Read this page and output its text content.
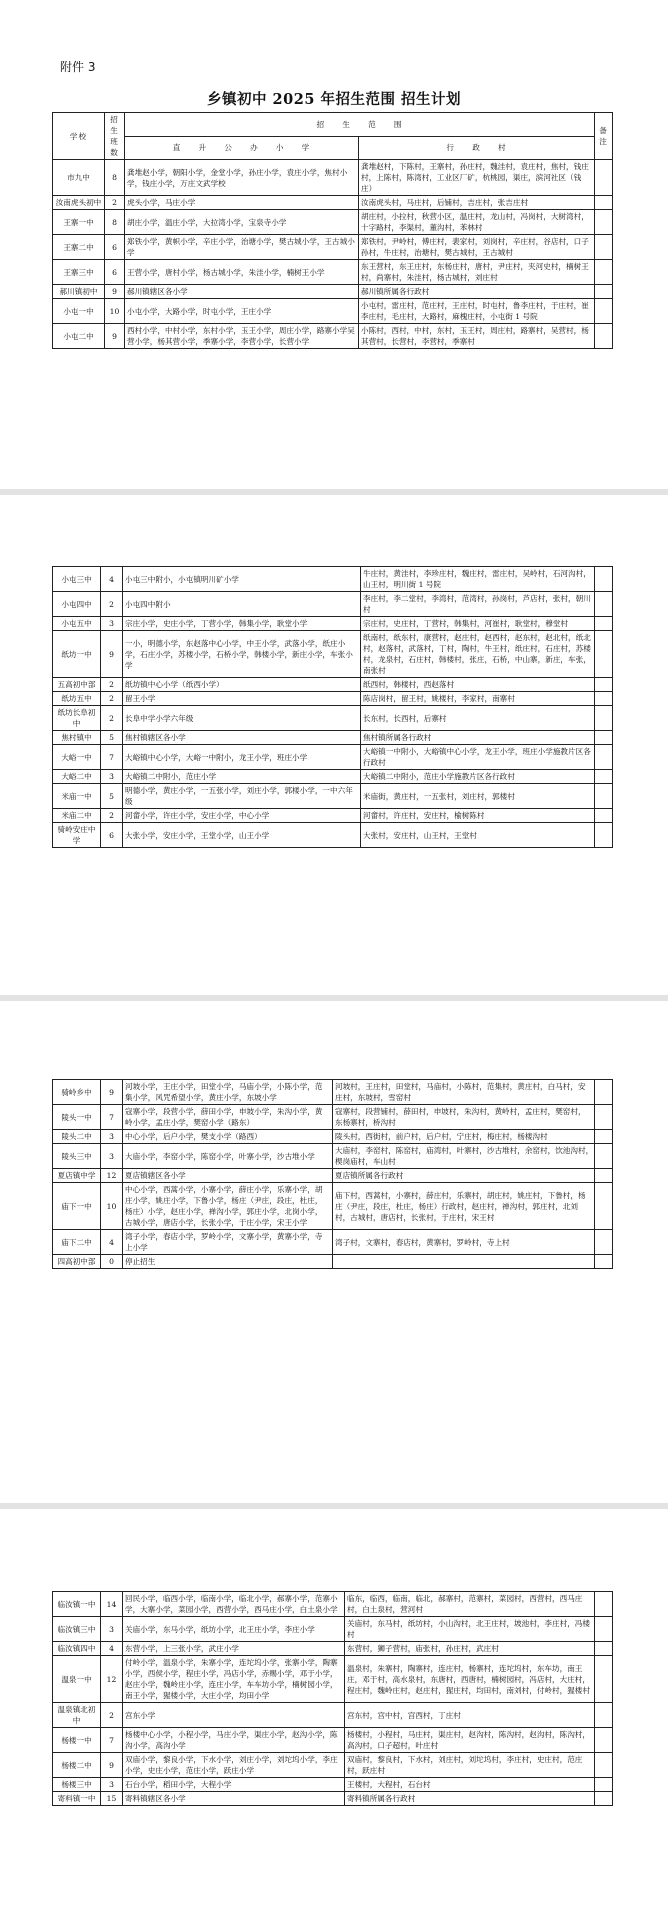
附件 3
乡镇初中 2025 年招生范围 招生计划
学校	招生班数	招　　生　　范　　围		备注
		直　　升　　公　　办　　小　　学	行　　政　　村	
市九中	8	龚堆赵小学，朝阳小学，金堂小学，孙庄小学，袁庄小学，焦村小学，钱庄小学，万庄文武学校	龚堆赵村，下陈村，王寨村，孙庄村，魏洼村，袁庄村，焦村，钱庄村，上陈村，陈湾村，工业区厂矿，杭桃园，渠庄，滨河社区（钱庄）	
汝南虎头初中	2	虎头小学，马庄小学	汝南虎头村，马庄村，后铺村，吉庄村，张吉庄村	
王寨一中	8	胡庄小学，温庄小学，大拉湾小学，宝泉寺小学	胡庄村，小拉村，秋营小区，温庄村，龙山村，冯岗村，大树湾村，十字路村，李渠村，董沟村，苯林村	
王寨二中	6	郑铁小学，黄帜小学，辛庄小学，治塘小学，樊古城小学，王古城小学	郑铁村，尹岭村，傅庄村，裴家村，刘岗村，辛庄村，谷店村，口子孙村，牛庄村，治塘村，樊古城村，王古城村	
王寨三中	6	王营小学，唐村小学，杨古城小学，朱洼小学，楠树王小学	东王营村，东王庄村，东杨庄村，唐村，尹庄村，夹河史村，楠树王村，尚寨村，朱洼村，杨古城村，刘庄村	
郝川镇初中	9	郝川镇辖区各小学	郝川镇所属各行政村	
小屯一中	10	小屯小学，大路小学，时屯小学，王庄小学	小屯村，雷庄村，范庄村，王庄村，时屯村，鲁李庄村，于庄村，崔李庄村，毛庄村，大路村，麻槐庄村，小屯街 1 号院	
小屯二中	9	西村小学，中村小学，东村小学，玉王小学，周庄小学，路寨小学吴营小学，杨其营小学，季寨小学，李营小学，长营小学	小陈村，西村，中村，东村，玉王村，周庄村，路寨村，吴营村，杨其营村，长营村，李营村，季寨村	
小屯三中	4	小屯三中附小，小屯镇明川矿小学	牛庄村，黄洼村，李珍庄村，魏庄村，雷庄村，吴岭村，石河沟村，山王村，明川街 1 号院	
小屯四中	2	小屯四中附小	李庄村，李二堂村，李湾村，范湾村，孙岗村，芦店村，张村，朝川村	
小屯五中	3	宗庄小学，史庄小学，丁营小学，韩集小学，耿堂小学	宗庄村，史庄村，丁营村，韩集村，河崔村，耿堂村，穆堂村	
纸坊一中	9	一小，明德小学，东赵落中心小学，中王小学，武落小学，纸庄小学，石庄小学，苏楼小学，石桥小学，韩楼小学，新庄小学，车张小学	纸南村，纸东村，康营村，赵庄村，赵西村，赵东村，赵北村，纸北村，赵落村，武落村，丁村，陶村，牛王村，纸庄村，石庄村，苏楼村，龙泉村，石庄村，韩楼村，张庄，石桥，中山寨，新庄，车张，南张村	
五高初中部	2	纸坊镇中心小学（纸西小学）	纸西村，韩楼村，西赵落村	
纸坊五中	2	留王小学	陈店岗村，留王村，姚楼村，李家村，南寨村	
纸坊长阜初中	2	长阜中学小学六年级	长东村，长西村，后寨村	
焦村镇中	5	焦村镇辖区各小学	焦村镇所属各行政村	
大峪一中	7	大峪镇中心小学，大峪一中附小，龙王小学，班庄小学	大峪镇一中附小，大峪镇中心小学，龙王小学，班庄小学施教片区各行政村	
大峪二中	3	大峪镇二中附小，范庄小学	大峪镇二中附小，范庄小学施教片区各行政村	
米庙一中	5	明德小学，黄庄小学，一五张小学，刘庄小学，郭楼小学，一中六年级	米庙街，黄庄村，一五张村，刘庄村，郭楼村	
米庙二中	2	河畲小学，许庄小学，安庄小学，中心小学	河畲村，许庄村，安庄村，榆树陈村	
骑岭安庄中学	6	大张小学，安庄小学，王堂小学，山王小学	大张村，安庄村，山王村，王堂村	
骑岭乡中	9	河坡小学，王庄小学，田堂小学，马庙小学，小陈小学，范集小学，风咒希望小学，黄庄小学，东坡小学	河坡村，王庄村，田堂村，马庙村，小陈村，范集村，黄庄村，白马村，安庄村，东坡村，雪窑村	
陵头一中	7	寇寨小学，段营小学，薛田小学，申坡小学，朱沟小学，黄岭小学，孟庄小学，樊窑小学（路东）	寇寨村，段营铺村，薛田村，申坡村，朱沟村，黄岭村，孟庄村，樊窑村，东杨寨村，桥沟村	
陵头二中	3	中心小学，后户小学，樊支小学（路西）	陵头村，西街村，前户村，后户村，宁庄村，梅庄村，杨楼沟村	
陵头三中	3	大庙小学，李窑小学，陈窑小学，叶寨小学，沙古堆小学	大庙村，李窑村，陈窑村，庙湾村，叶寨村，沙古堆村，余窑村，饮池沟村，　楔岗庙村，车山村	
夏店镇中学	12	夏店镇辖区各小学	夏店镇所属各行政村	
庙下一中	10	中心小学，西蒿小学，小寨小学，薛庄小学，乐寨小学，胡庄小学，姚庄小学，下鲁小学，杨庄（尹庄，段庄，杜庄，杨庄）小学，赵庄小学，禅沟小学，郭庄小学，北岗小学，古城小学，唐店小学，长张小学，于庄小学，宋王小学	庙下村，西蒿村，小寨村，薛庄村，乐寨村，胡庄村，姚庄村，下鲁村，杨庄（尹庄，段庄，杜庄，杨庄）行政村，赵庄村，禅沟村，郭庄村，北刘村，古城村，唐店村，长张村，于庄村，宋王村	
庙下二中	4	湾子小学，春店小学，罗岭小学，文寨小学，黄寨小学，寺上小学	湾子村，文寨村，春店村，黄寨村，罗岭村，寺上村	
四高初中部	0	停止招生		
临汝镇一中	14	回民小学，临西小学，临南小学，临北小学，郝寨小学，范寨小学，大寨小学，菜园小学，西营小学，西马庄小学，白土泉小学	临东，临西，临南，临北，郝寨村，范寨村，菜园村，西营村，西马庄村，白土泉村，营河村	
临汝镇三中	3	关庙小学，东马小学，纸坊小学，北王庄小学，李庄小学	关庙村，东马村，纸坊村，小山沟村，北王庄村，坡池村，李庄村，冯楼村	
临汝镇四中	4	东营小学，上三张小学，武庄小学	东营村，狮子营村，庙张村，孙庄村，武庄村	
温泉一中	12	付岭小学，温泉小学，朱寨小学，连坨坞小学，张寨小学，陶寨小学，西侯小学，程庄小学，冯店小学，赤赐小学，邓于小学，赵庄小学，魏岭庄小学，连庄小学，车车坊小学，楠树园小学，南王小学，猩楼小学，大庄小学，均田小学	温泉村，朱寨村，陶寨村，连庄村，杨寨村，连坨坞村，东车坊，南王庄，邓于村，高水泉村，东唐村，西唐村，楠树园村，冯店村，大庄村，程庄村，魏岭庄村，赵庄村，猩庄村，均田村，南刘村，付岭村，猩楼村	
温泉镇北初中	2	宫东小学	宫东村，宫中村，宫西村，丁庄村	
杨楼一中	7	杨楼中心小学，小程小学，马庄小学，渠庄小学，赵沟小学，陈沟小学，高沟小学	杨楼村，小程村，马庄村，渠庄村，赵沟村，陈沟村，赵沟村，陈沟村，高沟村，口子超村，叶庄村	
杨楼二中	9	双庙小学，黎良小学，下水小学，刘庄小学，刘坨坞小学，李庄小学，史庄小学，范庄小学，跃庄小学	双庙村，黎良村，下水村，刘庄村，刘坨坞村，李庄村，史庄村，范庄村，跃庄村	
杨楼三中	3	石台小学，稻田小学，大程小学	王楼村，大程村，石台村	
寄料镇一中	15	寄料镇辖区各小学	寄料镇所属各行政村	
